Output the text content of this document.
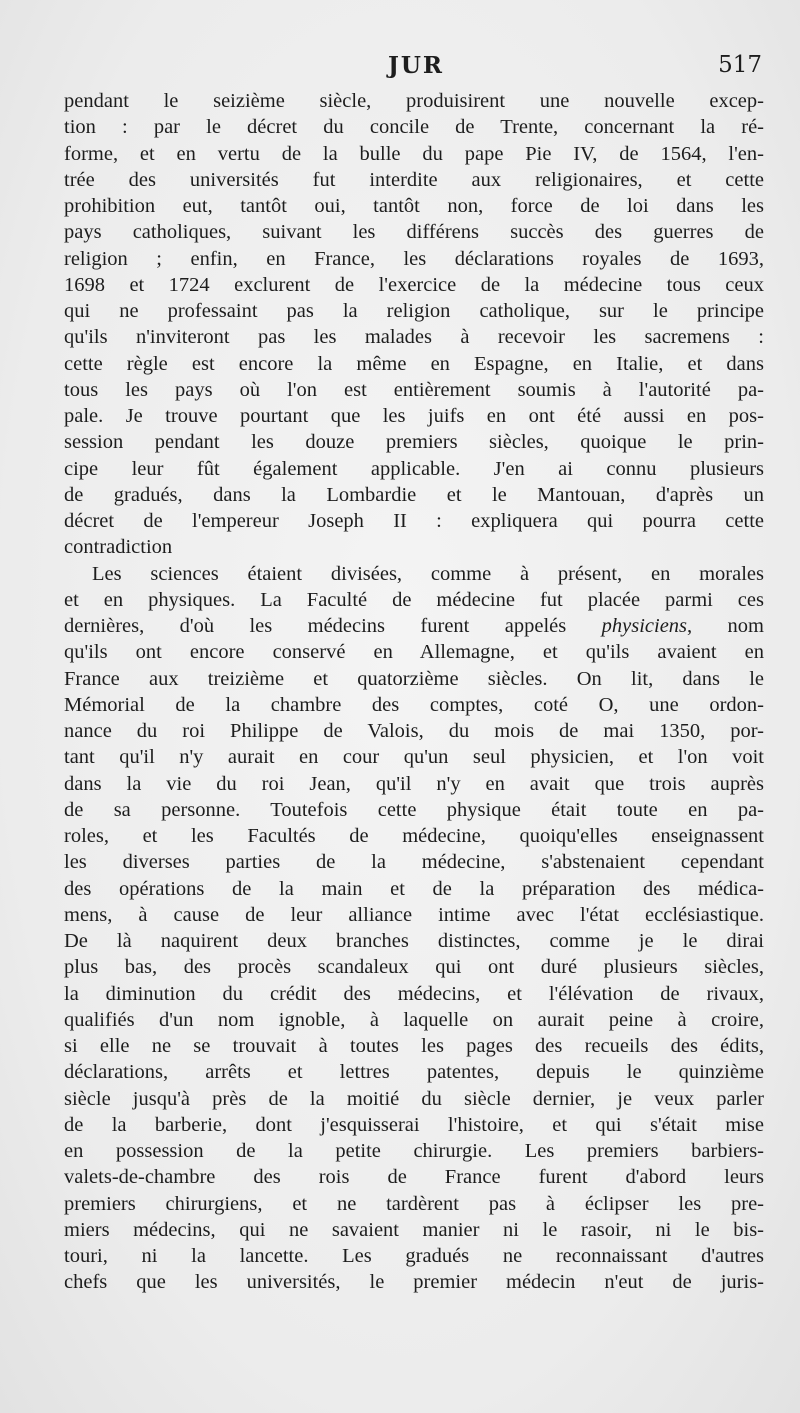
JUR	517
pendant le seizième siècle, produisirent une nouvelle excep-
tion : par le décret du concile de Trente, concernant la ré-
forme, et en vertu de la bulle du pape Pie IV, de 1564, l'en-
trée des universités fut interdite aux religionaires, et cette
prohibition eut, tantôt oui, tantôt non, force de loi dans les
pays catholiques, suivant les différens succès des guerres de
religion ; enfin, en France, les déclarations royales de 1693,
1698 et 1724 exclurent de l'exercice de la médecine tous ceux
qui ne professaint pas la religion catholique, sur le principe
qu'ils n'inviteront pas les malades à recevoir les sacremens :
cette règle est encore la même en Espagne, en Italie, et dans
tous les pays où l'on est entièrement soumis à l'autorité pa-
pale. Je trouve pourtant que les juifs en ont été aussi en pos-
session pendant les douze premiers siècles, quoique le prin-
cipe leur fût également applicable. J'en ai connu plusieurs
de gradués, dans la Lombardie et le Mantouan, d'après un
décret de l'empereur Joseph II : expliquera qui pourra cette
contradiction
Les sciences étaient divisées, comme à présent, en morales
et en physiques. La Faculté de médecine fut placée parmi ces
dernières, d'où les médecins furent appelés physiciens, nom
qu'ils ont encore conservé en Allemagne, et qu'ils avaient en
France aux treizième et quatorzième siècles. On lit, dans le
Mémorial de la chambre des comptes, coté O, une ordon-
nance du roi Philippe de Valois, du mois de mai 1350, por-
tant qu'il n'y aurait en cour qu'un seul physicien, et l'on voit
dans la vie du roi Jean, qu'il n'y en avait que trois auprès
de sa personne. Toutefois cette physique était toute en pa-
roles, et les Facultés de médecine, quoiqu'elles enseignassent
les diverses parties de la médecine, s'abstenaient cependant
des opérations de la main et de la préparation des médica-
mens, à cause de leur alliance intime avec l'état ecclésiastique.
De là naquirent deux branches distinctes, comme je le dirai
plus bas, des procès scandaleux qui ont duré plusieurs siècles,
la diminution du crédit des médecins, et l'élévation de rivaux,
qualifiés d'un nom ignoble, à laquelle on aurait peine à croire,
si elle ne se trouvait à toutes les pages des recueils des édits,
déclarations, arrêts et lettres patentes, depuis le quinzième
siècle jusqu'à près de la moitié du siècle dernier, je veux parler
de la barberie, dont j'esquisserai l'histoire, et qui s'était mise
en possession de la petite chirurgie. Les premiers barbiers-
valets-de-chambre des rois de France furent d'abord leurs
premiers chirurgiens, et ne tardèrent pas à éclipser les pre-
miers médecins, qui ne savaient manier ni le rasoir, ni le bis-
touri, ni la lancette. Les gradués ne reconnaissant d'autres
chefs que les universités, le premier médecin n'eut de juris-
